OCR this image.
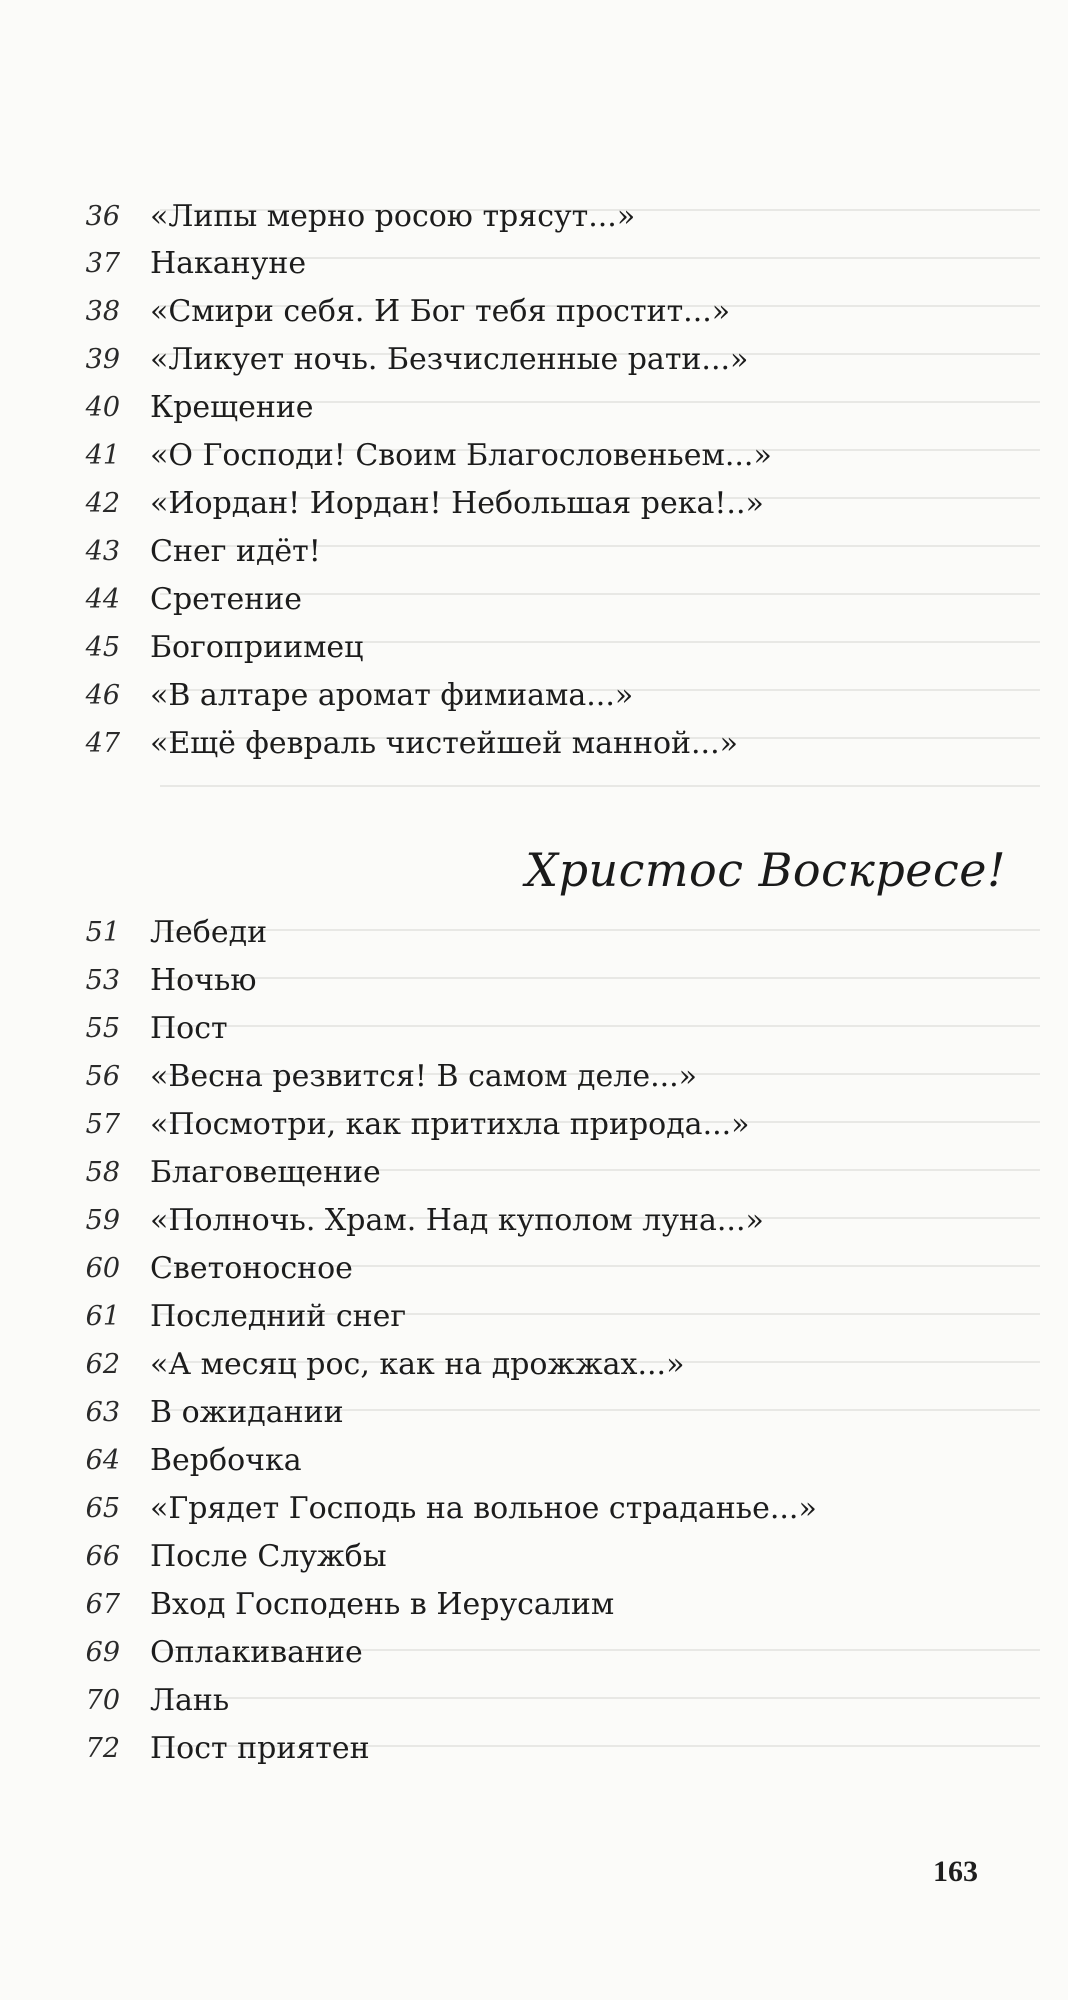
36 «Липы мерно росою трясут...»
37 Накануне
38 «Смири себя. И Бог тебя простит...»
39 «Ликует ночь. Безчисленные рати...»
40 Крещение
41 «О Господи! Своим Благословеньем...»
42 «Иордан! Иордан! Небольшая река!..»
43 Снег идёт!
44 Сретение
45 Богоприимец
46 «В алтаре аромат фимиама...»
47 «Ещё февраль чистейшей манной...»
Христос Воскресе!
51 Лебеди
53 Ночью
55 Пост
56 «Весна резвится! В самом деле...»
57 «Посмотри, как притихла природа...»
58 Благовещение
59 «Полночь. Храм. Над куполом луна...»
60 Светоносное
61 Последний снег
62 «А месяц рос, как на дрожжах...»
63 В ожидании
64 Вербочка
65 «Грядет Господь на вольное страданье...»
66 После Службы
67 Вход Господень в Иерусалим
69 Оплакивание
70 Лань
72 Пост приятен
163
